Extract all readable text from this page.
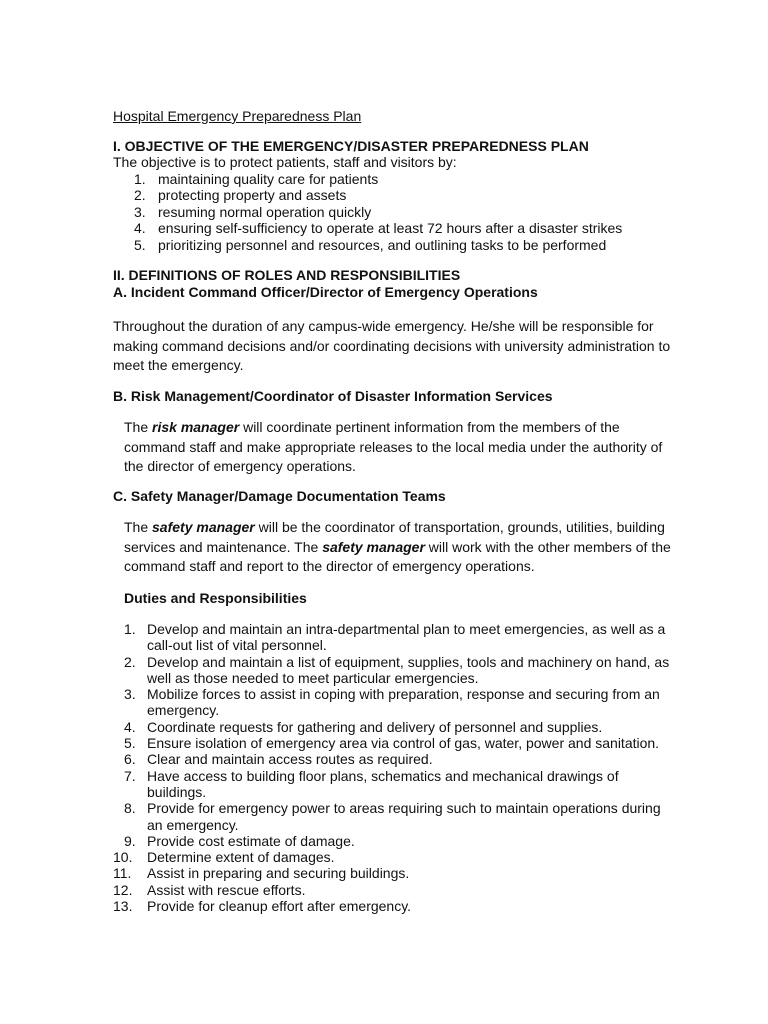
Hospital Emergency Preparedness Plan
I. OBJECTIVE OF THE EMERGENCY/DISASTER PREPAREDNESS PLAN
The objective is to protect patients, staff and visitors by:
1. maintaining quality care for patients
2. protecting property and assets
3. resuming normal operation quickly
4. ensuring self-sufficiency to operate at least 72 hours after a disaster strikes
5. prioritizing personnel and resources, and outlining tasks to be performed
II. DEFINITIONS OF ROLES AND RESPONSIBILITIES
A. Incident Command Officer/Director of Emergency Operations
Throughout the duration of any campus-wide emergency. He/she will be responsible for making command decisions and/or coordinating decisions with university administration to meet the emergency.
B. Risk Management/Coordinator of Disaster Information Services
The risk manager will coordinate pertinent information from the members of the command staff and make appropriate releases to the local media under the authority of the director of emergency operations.
C. Safety Manager/Damage Documentation Teams
The safety manager will be the coordinator of transportation, grounds, utilities, building services and maintenance. The safety manager will work with the other members of the command staff and report to the director of emergency operations.
Duties and Responsibilities
1. Develop and maintain an intra-departmental plan to meet emergencies, as well as a call-out list of vital personnel.
2. Develop and maintain a list of equipment, supplies, tools and machinery on hand, as well as those needed to meet particular emergencies.
3. Mobilize forces to assist in coping with preparation, response and securing from an emergency.
4. Coordinate requests for gathering and delivery of personnel and supplies.
5. Ensure isolation of emergency area via control of gas, water, power and sanitation.
6. Clear and maintain access routes as required.
7. Have access to building floor plans, schematics and mechanical drawings of buildings.
8. Provide for emergency power to areas requiring such to maintain operations during an emergency.
9. Provide cost estimate of damage.
10. Determine extent of damages.
11. Assist in preparing and securing buildings.
12. Assist with rescue efforts.
13. Provide for cleanup effort after emergency.
